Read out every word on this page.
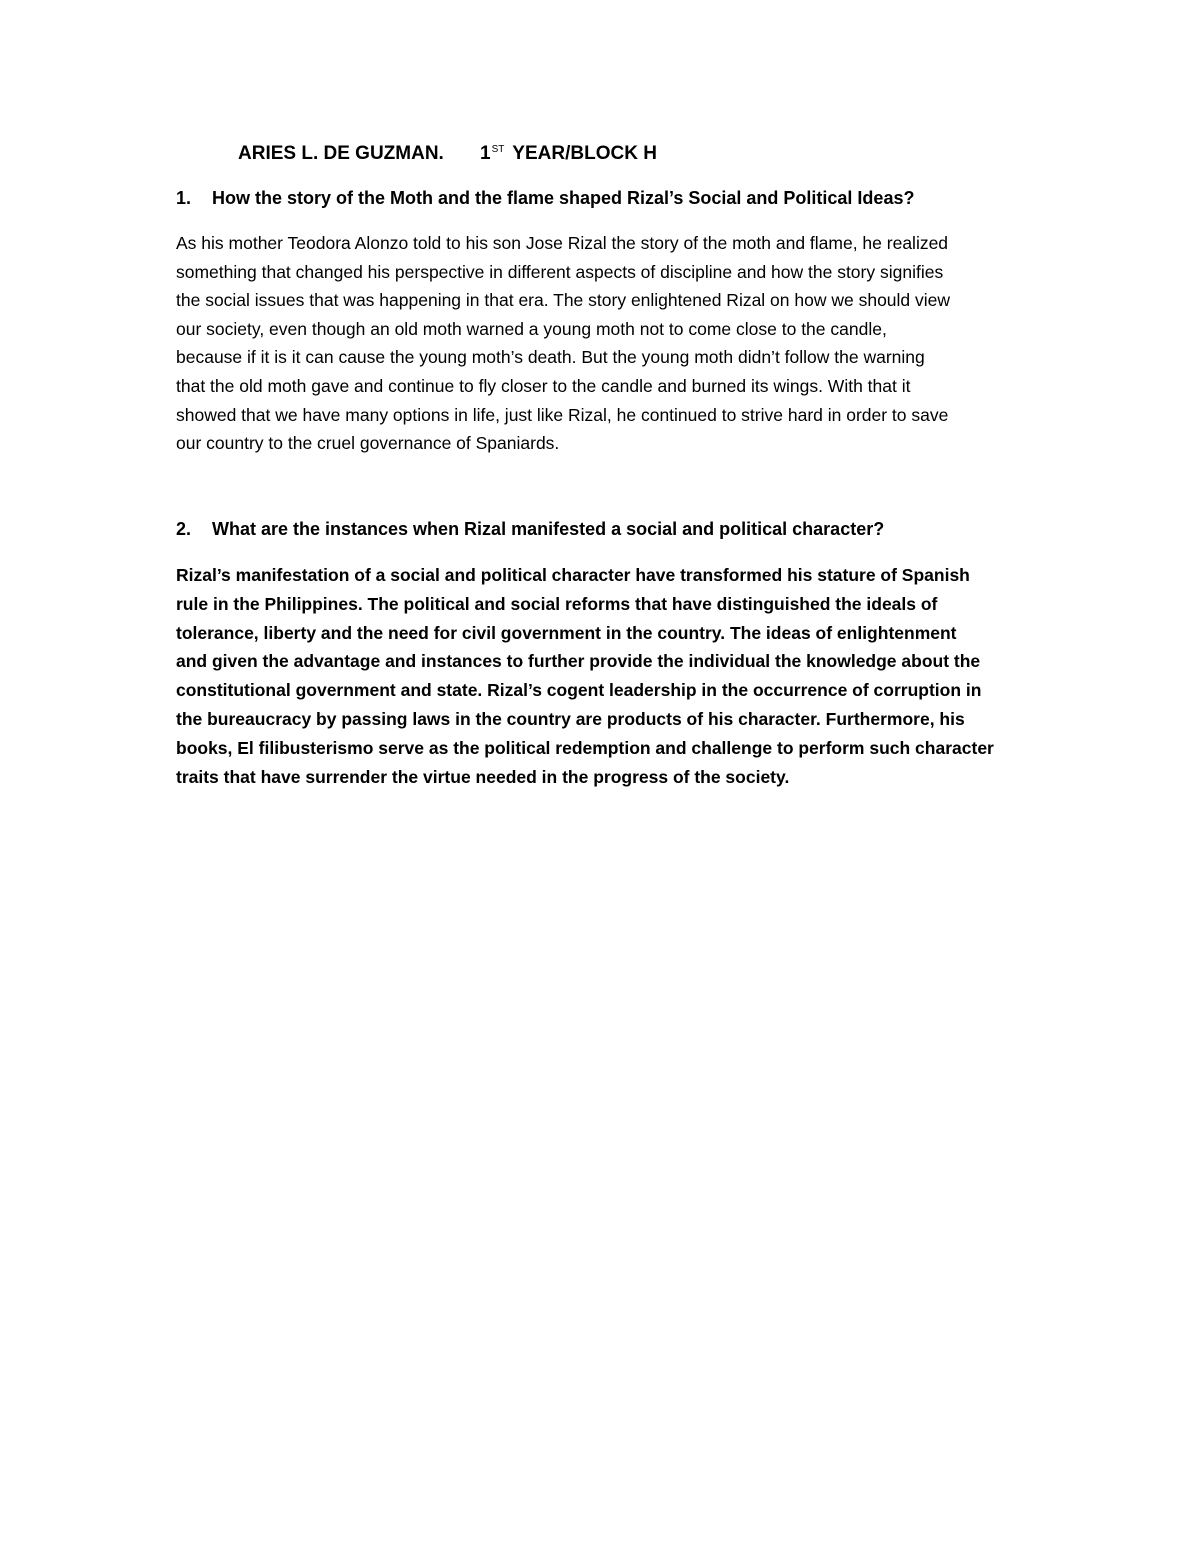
ARIES L. DE GUZMAN. 1ST YEAR/BLOCK H
1. How the story of the Moth and the flame shaped Rizal’s Social and Political Ideas?

As his mother Teodora Alonzo told to his son Jose Rizal the story of the moth and flame, he realized
something that changed his perspective in different aspects of discipline and how the story signifies
the social issues that was happening in that era. The story enlightened Rizal on how we should view
our society, even though an old moth warned a young moth not to come close to the candle,
because if it is it can cause the young moth’s death. But the young moth didn’t follow the warning
that the old moth gave and continue to fly closer to the candle and burned its wings. With that it
showed that we have many options in life, just like Rizal, he continued to strive hard in order to save
our country to the cruel governance of Spaniards.

2. What are the instances when Rizal manifested a social and political character?

Rizal’s manifestation of a social and political character have transformed his stature of Spanish
rule in the Philippines. The political and social reforms that have distinguished the ideals of
tolerance, liberty and the need for civil government in the country. The ideas of enlightenment
and given the advantage and instances to further provide the individual the knowledge about the
constitutional government and state. Rizal’s cogent leadership in the occurrence of corruption in
the bureaucracy by passing laws in the country are products of his character. Furthermore, his
books, El filibusterismo serve as the political redemption and challenge to perform such character
traits that have surrender the virtue needed in the progress of the society.
